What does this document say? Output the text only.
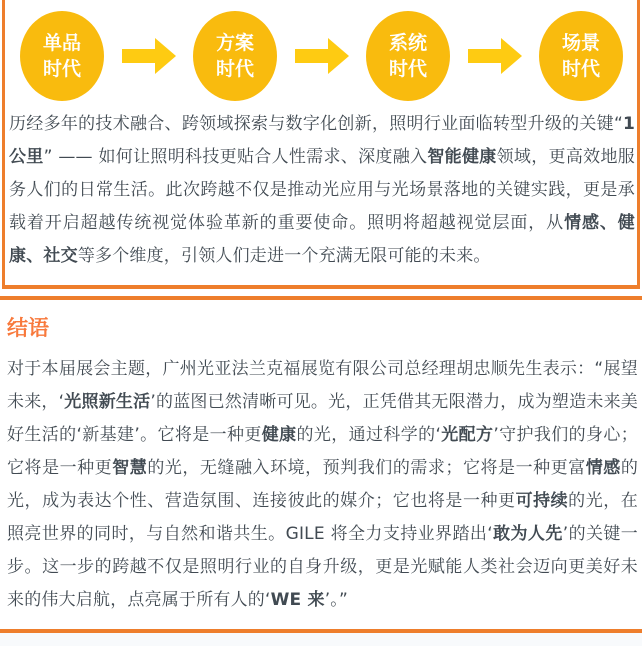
单品
时代
方案
时代
系统
时代
场景
时代

历经多年的技术融合、跨领域探索与数字化创新，照明行业面临转型升级的关键“1公里” —— 如何让照明科技更贴合人性需求、深度融入智能健康领域，更高效地服务人们的日常生活。此次跨越不仅是推动光应用与光场景落地的关键实践，更是承载着开启超越传统视觉体验革新的重要使命。照明将超越视觉层面，从情感、健康、社交等多个维度，引领人们走进一个充满无限可能的未来。

结语

对于本届展会主题，广州光亚法兰克福展览有限公司总经理胡忠顺先生表示：“展望未来，‘光照新生活’的蓝图已然清晰可见。光，正凭借其无限潜力，成为塑造未来美好生活的‘新基建’。它将是一种更健康的光，通过科学的‘光配方’守护我们的身心；它将是一种更智慧的光，无缝融入环境，预判我们的需求；它将是一种更富情感的光，成为表达个性、营造氛围、连接彼此的媒介；它也将是一种更可持续的光，在照亮世界的同时，与自然和谐共生。GILE 将全力支持业界踏出‘敢为人先’的关键一步。这一步的跨越不仅是照明行业的自身升级，更是光赋能人类社会迈向更美好未来的伟大启航，点亮属于所有人的‘WE 来’。”
